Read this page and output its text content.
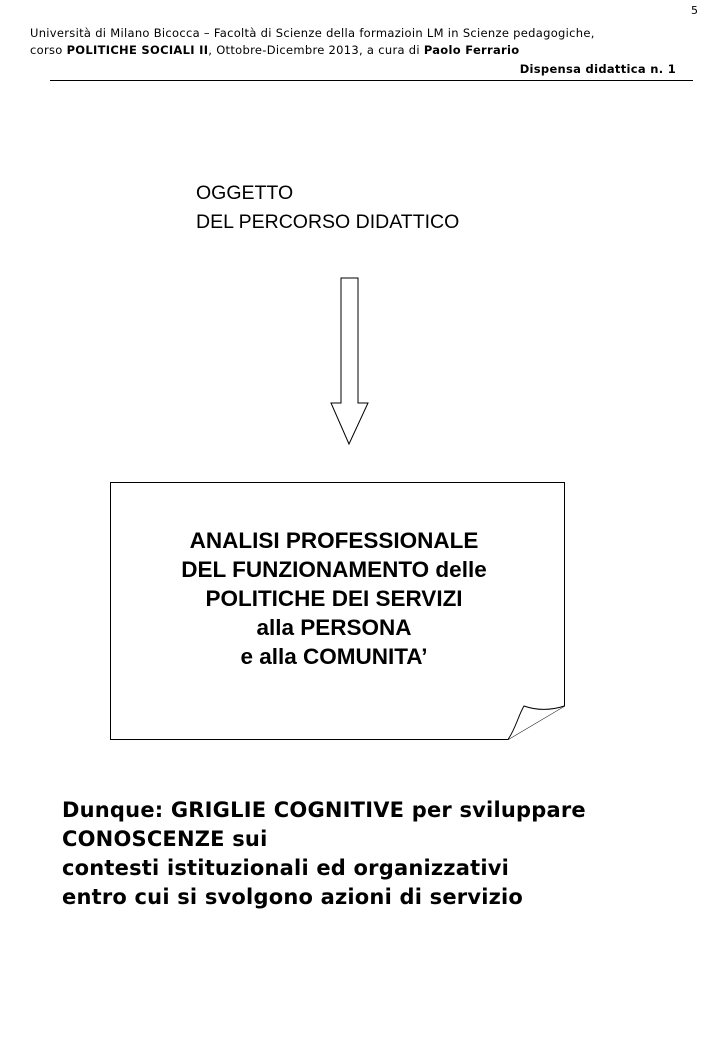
5
Università di Milano Bicocca – Facoltà di Scienze della formazioin LM in Scienze pedagogiche,
corso POLITICHE SOCIALI II, Ottobre-Dicembre 2013, a cura di Paolo Ferrario
Dispensa didattica n. 1
OGGETTO
DEL PERCORSO DIDATTICO
ANALISI PROFESSIONALE
DEL FUNZIONAMENTO delle
POLITICHE DEI SERVIZI
alla PERSONA
e alla COMUNITA’
Dunque: GRIGLIE COGNITIVE per sviluppare
CONOSCENZE sui
contesti istituzionali ed organizzativi
entro cui si svolgono azioni di servizio
